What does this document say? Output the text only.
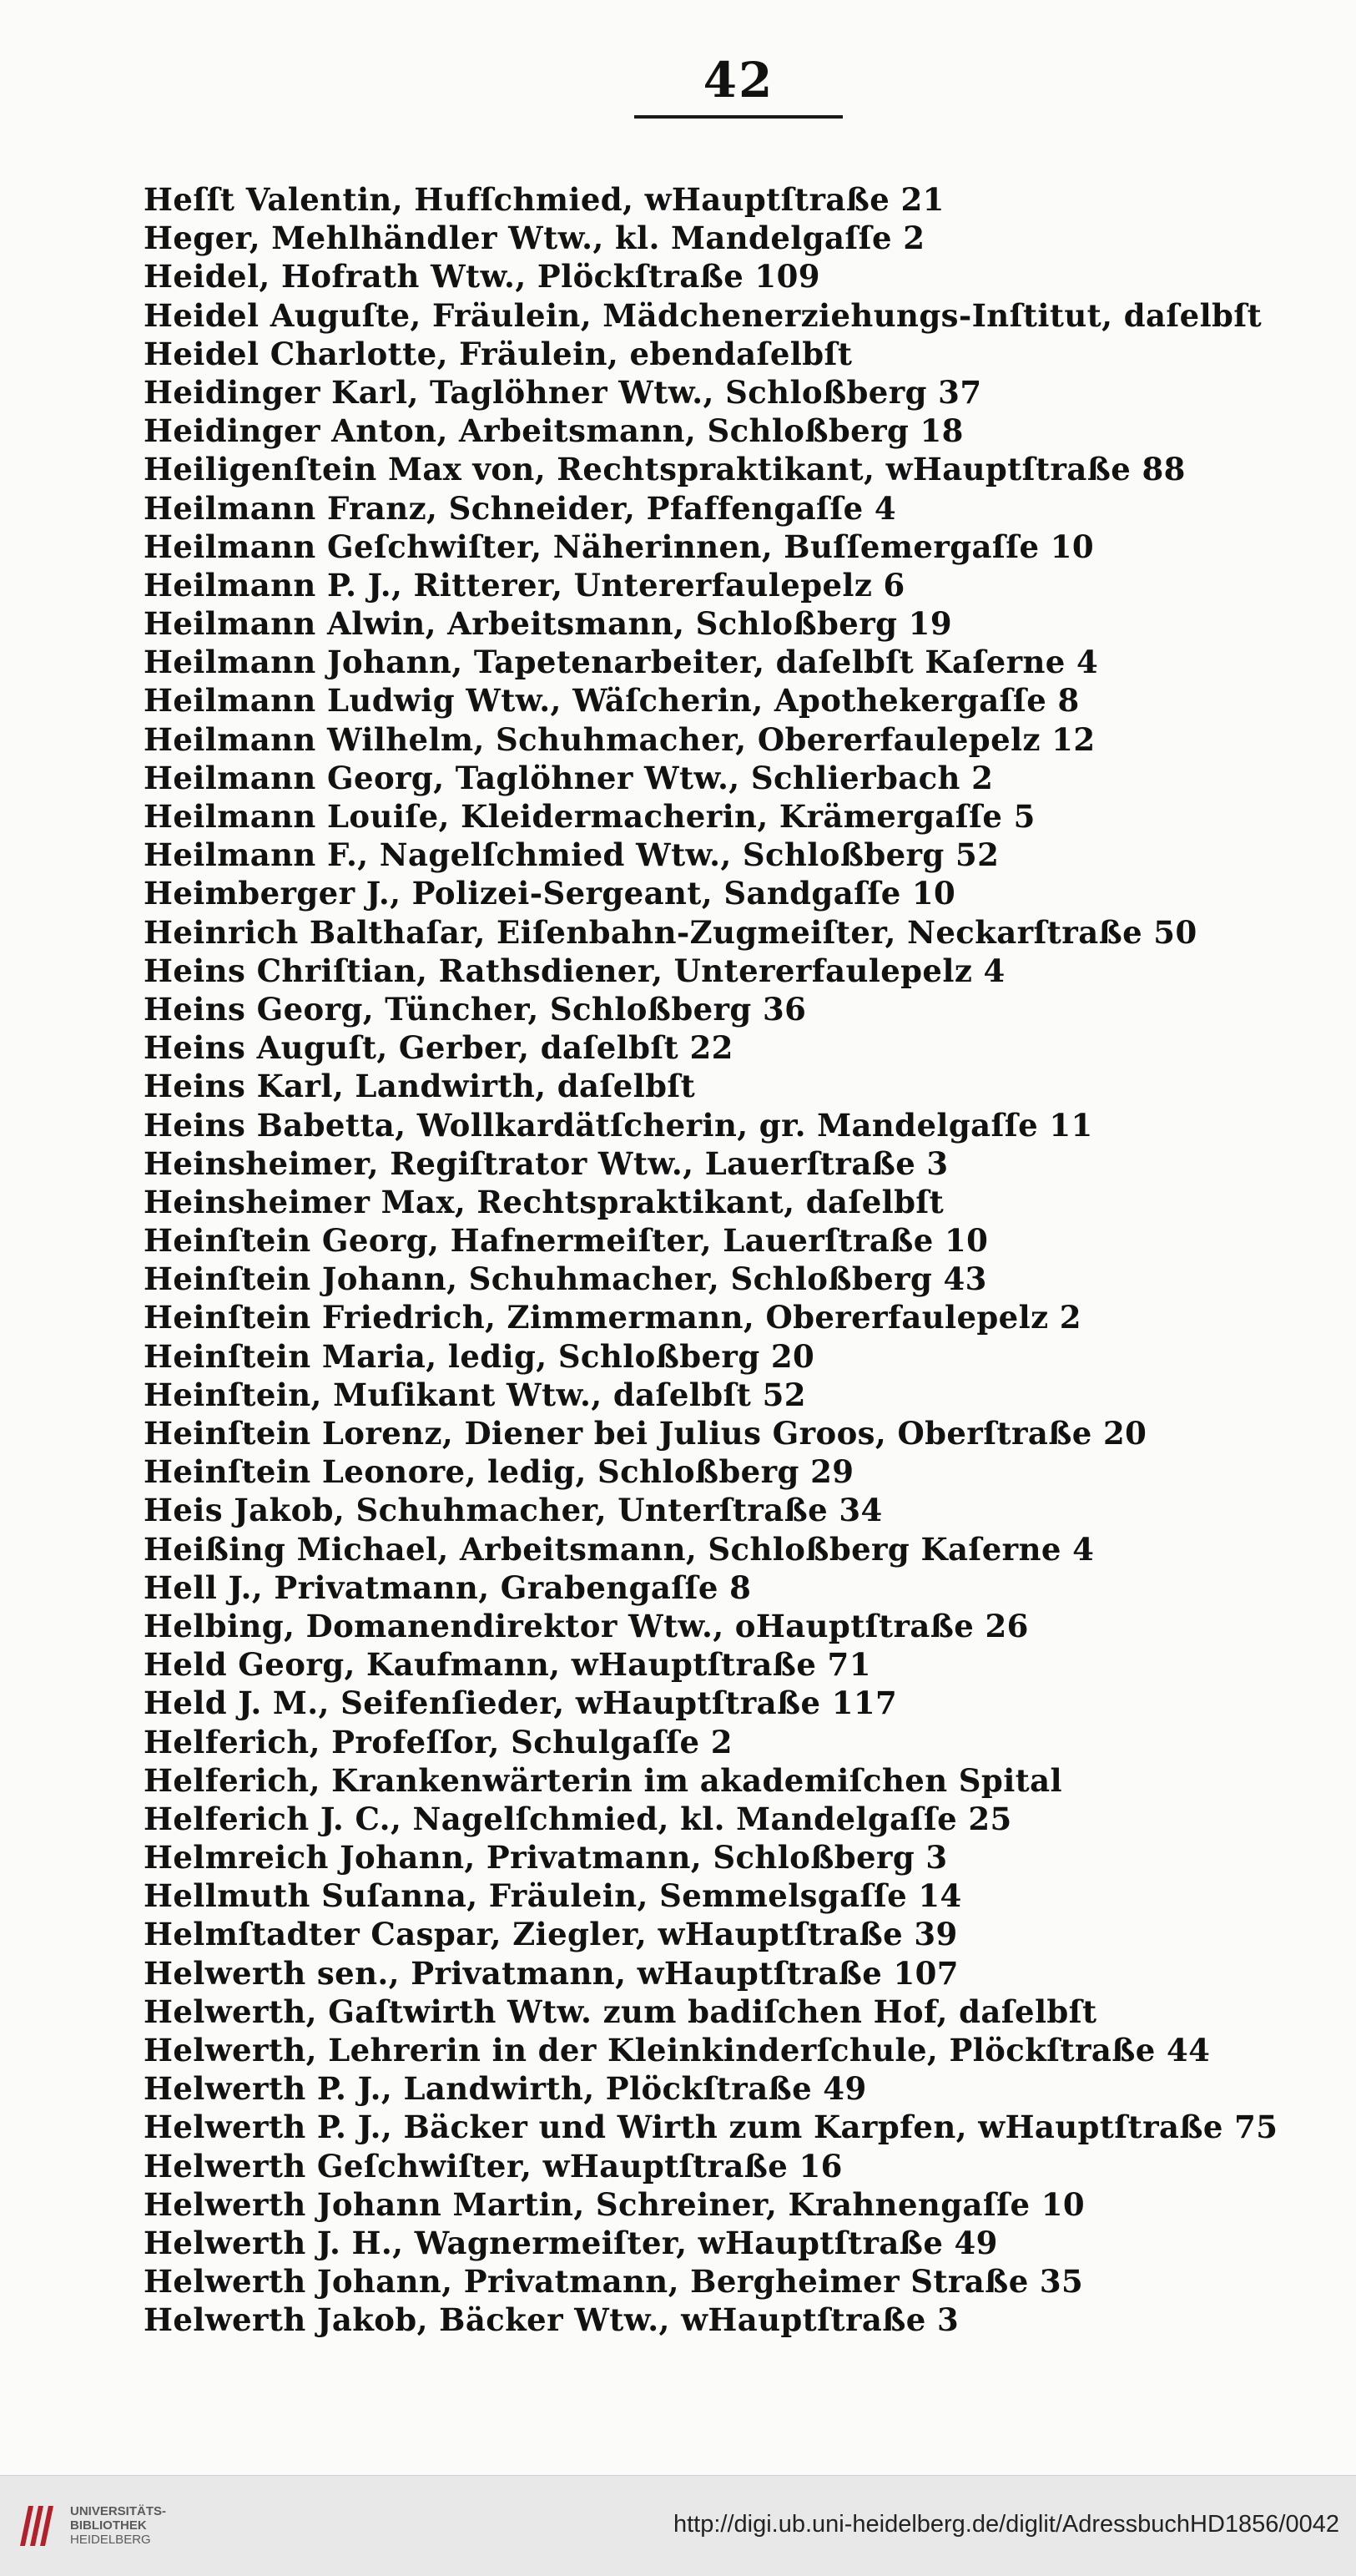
42
Heſſt Valentin, Hufſchmied, wHauptſtraße 21
Heger, Mehlhändler Wtw., kl. Mandelgaſſe 2
Heidel, Hofrath Wtw., Plöckſtraße 109
Heidel Auguſte, Fräulein, Mädchenerziehungs-Inſtitut, daſelbſt
Heidel Charlotte, Fräulein, ebendaſelbſt
Heidinger Karl, Taglöhner Wtw., Schloßberg 37
Heidinger Anton, Arbeitsmann, Schloßberg 18
Heiligenſtein Max von, Rechtspraktikant, wHauptſtraße 88
Heilmann Franz, Schneider, Pfaffengaſſe 4
Heilmann Geſchwiſter, Näherinnen, Buſſemergaſſe 10
Heilmann P. J., Ritterer, Untererfaulepelz 6
Heilmann Alwin, Arbeitsmann, Schloßberg 19
Heilmann Johann, Tapetenarbeiter, daſelbſt Kaſerne 4
Heilmann Ludwig Wtw., Wäſcherin, Apothekergaſſe 8
Heilmann Wilhelm, Schuhmacher, Obererfaulepelz 12
Heilmann Georg, Taglöhner Wtw., Schlierbach 2
Heilmann Louiſe, Kleidermacherin, Krämergaſſe 5
Heilmann F., Nagelſchmied Wtw., Schloßberg 52
Heimberger J., Polizei-Sergeant, Sandgaſſe 10
Heinrich Balthaſar, Eiſenbahn-Zugmeiſter, Neckarſtraße 50
Heins Chriſtian, Rathsdiener, Untererfaulepelz 4
Heins Georg, Tüncher, Schloßberg 36
Heins Auguſt, Gerber, daſelbſt 22
Heins Karl, Landwirth, daſelbſt
Heins Babetta, Wollkardätſcherin, gr. Mandelgaſſe 11
Heinsheimer, Regiſtrator Wtw., Lauerſtraße 3
Heinsheimer Max, Rechtspraktikant, daſelbſt
Heinſtein Georg, Hafnermeiſter, Lauerſtraße 10
Heinſtein Johann, Schuhmacher, Schloßberg 43
Heinſtein Friedrich, Zimmermann, Obererfaulepelz 2
Heinſtein Maria, ledig, Schloßberg 20
Heinſtein, Muſikant Wtw., daſelbſt 52
Heinſtein Lorenz, Diener bei Julius Groos, Oberſtraße 20
Heinſtein Leonore, ledig, Schloßberg 29
Heis Jakob, Schuhmacher, Unterſtraße 34
Heißing Michael, Arbeitsmann, Schloßberg Kaſerne 4
Hell J., Privatmann, Grabengaſſe 8
Helbing, Domanendirektor Wtw., oHauptſtraße 26
Held Georg, Kaufmann, wHauptſtraße 71
Held J. M., Seifenſieder, wHauptſtraße 117
Helferich, Profeſſor, Schulgaſſe 2
Helferich, Krankenwärterin im akademiſchen Spital
Helferich J. C., Nagelſchmied, kl. Mandelgaſſe 25
Helmreich Johann, Privatmann, Schloßberg 3
Hellmuth Suſanna, Fräulein, Semmelsgaſſe 14
Helmſtadter Caspar, Ziegler, wHauptſtraße 39
Helwerth sen., Privatmann, wHauptſtraße 107
Helwerth, Gaſtwirth Wtw. zum badiſchen Hof, daſelbſt
Helwerth, Lehrerin in der Kleinkinderſchule, Plöckſtraße 44
Helwerth P. J., Landwirth, Plöckſtraße 49
Helwerth P. J., Bäcker und Wirth zum Karpfen, wHauptſtraße 75
Helwerth Geſchwiſter, wHauptſtraße 16
Helwerth Johann Martin, Schreiner, Krahnengaſſe 10
Helwerth J. H., Wagnermeiſter, wHauptſtraße 49
Helwerth Johann, Privatmann, Bergheimer Straße 35
Helwerth Jakob, Bäcker Wtw., wHauptſtraße 3
UNIVERSITÄTS-
BIBLIOTHEK
HEIDELBERG
http://digi.ub.uni-heidelberg.de/diglit/AdressbuchHD1856/0042
